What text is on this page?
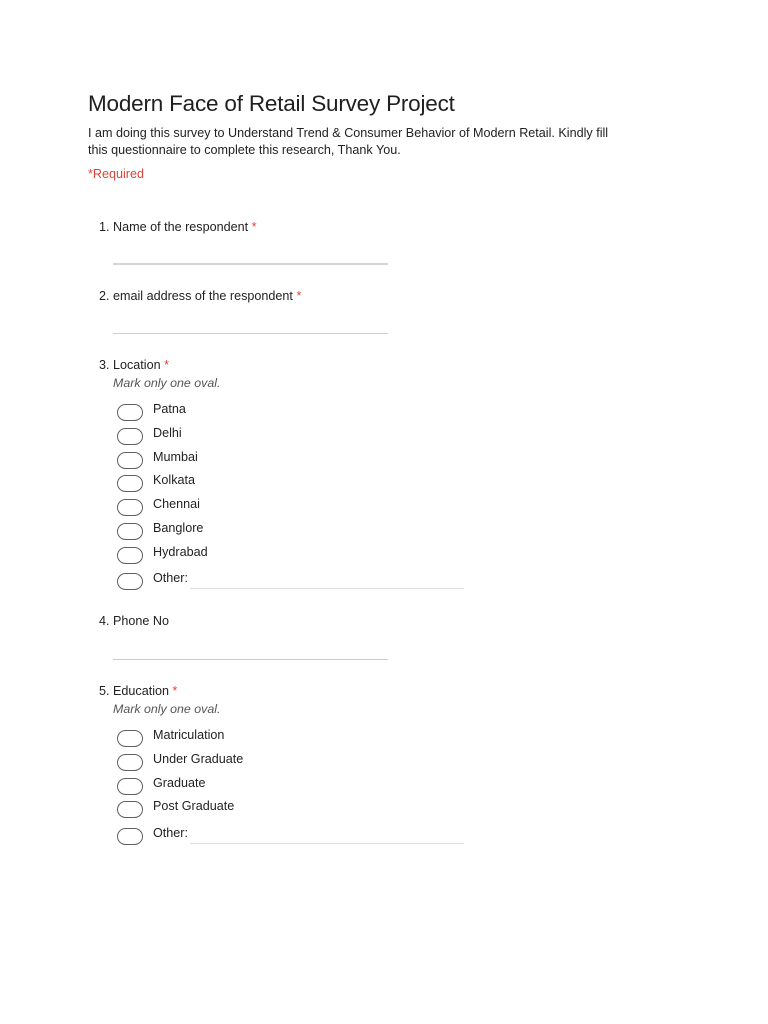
Modern Face of Retail Survey Project
I am doing this survey to Understand Trend & Consumer Behavior of Modern Retail. Kindly fill this questionnaire to complete this research, Thank You.
*Required
1. Name of the respondent *
2. email address of the respondent *
3. Location *
Mark only one oval.
Patna
Delhi
Mumbai
Kolkata
Chennai
Banglore
Hydrabad
Other:
4. Phone No
5. Education *
Mark only one oval.
Matriculation
Under Graduate
Graduate
Post Graduate
Other:
